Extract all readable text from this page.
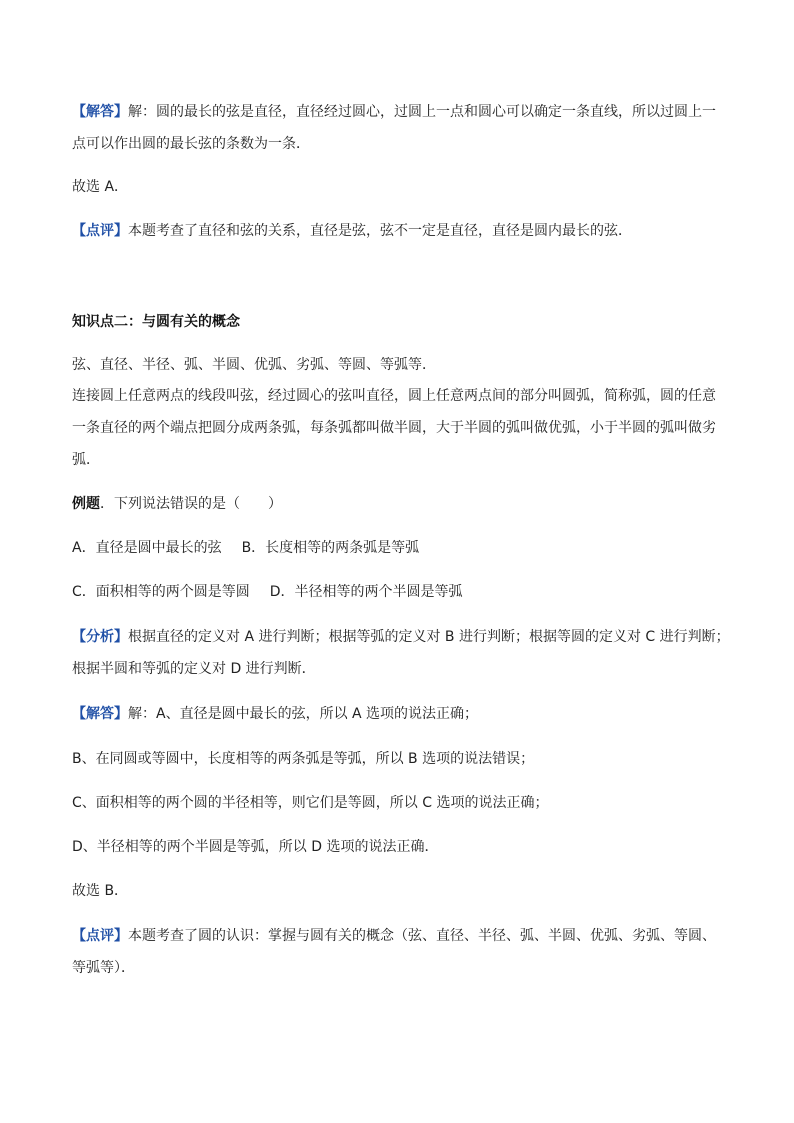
【解答】解：圆的最长的弦是直径，直径经过圆心，过圆上一点和圆心可以确定一条直线，所以过圆上一
点可以作出圆的最长弦的条数为一条．
故选 A．
【点评】本题考查了直径和弦的关系，直径是弦，弦不一定是直径，直径是圆内最长的弦．
知识点二：与圆有关的概念
弦、直径、半径、弧、半圆、优弧、劣弧、等圆、等弧等．
连接圆上任意两点的线段叫弦，经过圆心的弦叫直径，圆上任意两点间的部分叫圆弧，简称弧，圆的任意
一条直径的两个端点把圆分成两条弧，每条弧都叫做半圆，大于半圆的弧叫做优弧，小于半圆的弧叫做劣
弧．
例题．下列说法错误的是（　　）
A．直径是圆中最长的弦 B．长度相等的两条弧是等弧
C．面积相等的两个圆是等圆 D．半径相等的两个半圆是等弧
【分析】根据直径的定义对 A 进行判断；根据等弧的定义对 B 进行判断；根据等圆的定义对 C 进行判断；
根据半圆和等弧的定义对 D 进行判断．
【解答】解：A、直径是圆中最长的弦，所以 A 选项的说法正确；
B、在同圆或等圆中，长度相等的两条弧是等弧，所以 B 选项的说法错误；
C、面积相等的两个圆的半径相等，则它们是等圆，所以 C 选项的说法正确；
D、半径相等的两个半圆是等弧，所以 D 选项的说法正确．
故选 B．
【点评】本题考查了圆的认识：掌握与圆有关的概念（弦、直径、半径、弧、半圆、优弧、劣弧、等圆、
等弧等）．
